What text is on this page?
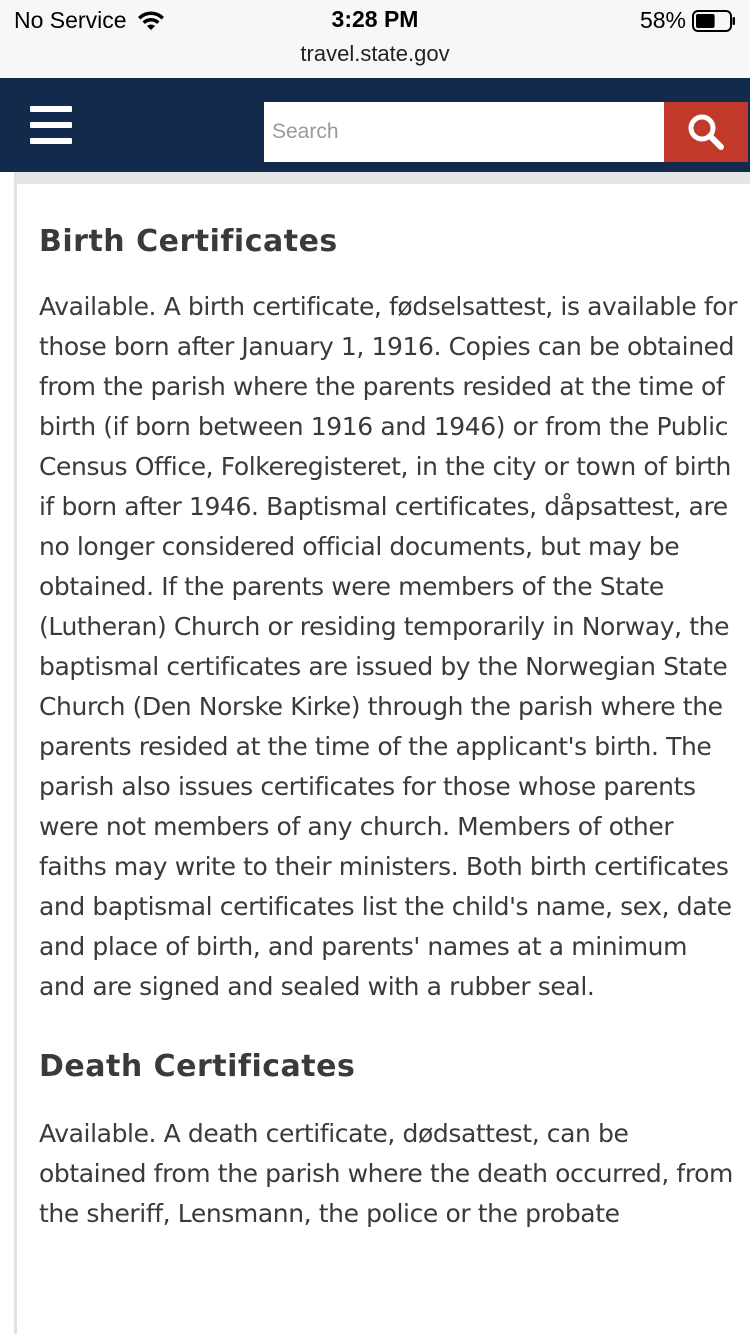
No Service	3:28 PM	58%
travel.state.gov
Search
Birth Certificates

Available. A birth certificate, fødselsattest, is available for those born after January 1, 1916. Copies can be obtained from the parish where the parents resided at the time of birth (if born between 1916 and 1946) or from the Public Census Office, Folkeregisteret, in the city or town of birth if born after 1946. Baptismal certificates, dåpsattest, are no longer considered official documents, but may be obtained. If the parents were members of the State (Lutheran) Church or residing temporarily in Norway, the baptismal certificates are issued by the Norwegian State Church (Den Norske Kirke) through the parish where the parents resided at the time of the applicant's birth. The parish also issues certificates for those whose parents were not members of any church. Members of other faiths may write to their ministers. Both birth certificates and baptismal certificates list the child's name, sex, date and place of birth, and parents' names at a minimum and are signed and sealed with a rubber seal.

Death Certificates

Available. A death certificate, dødsattest, can be obtained from the parish where the death occurred, from the sheriff, Lensmann, the police or the probate
